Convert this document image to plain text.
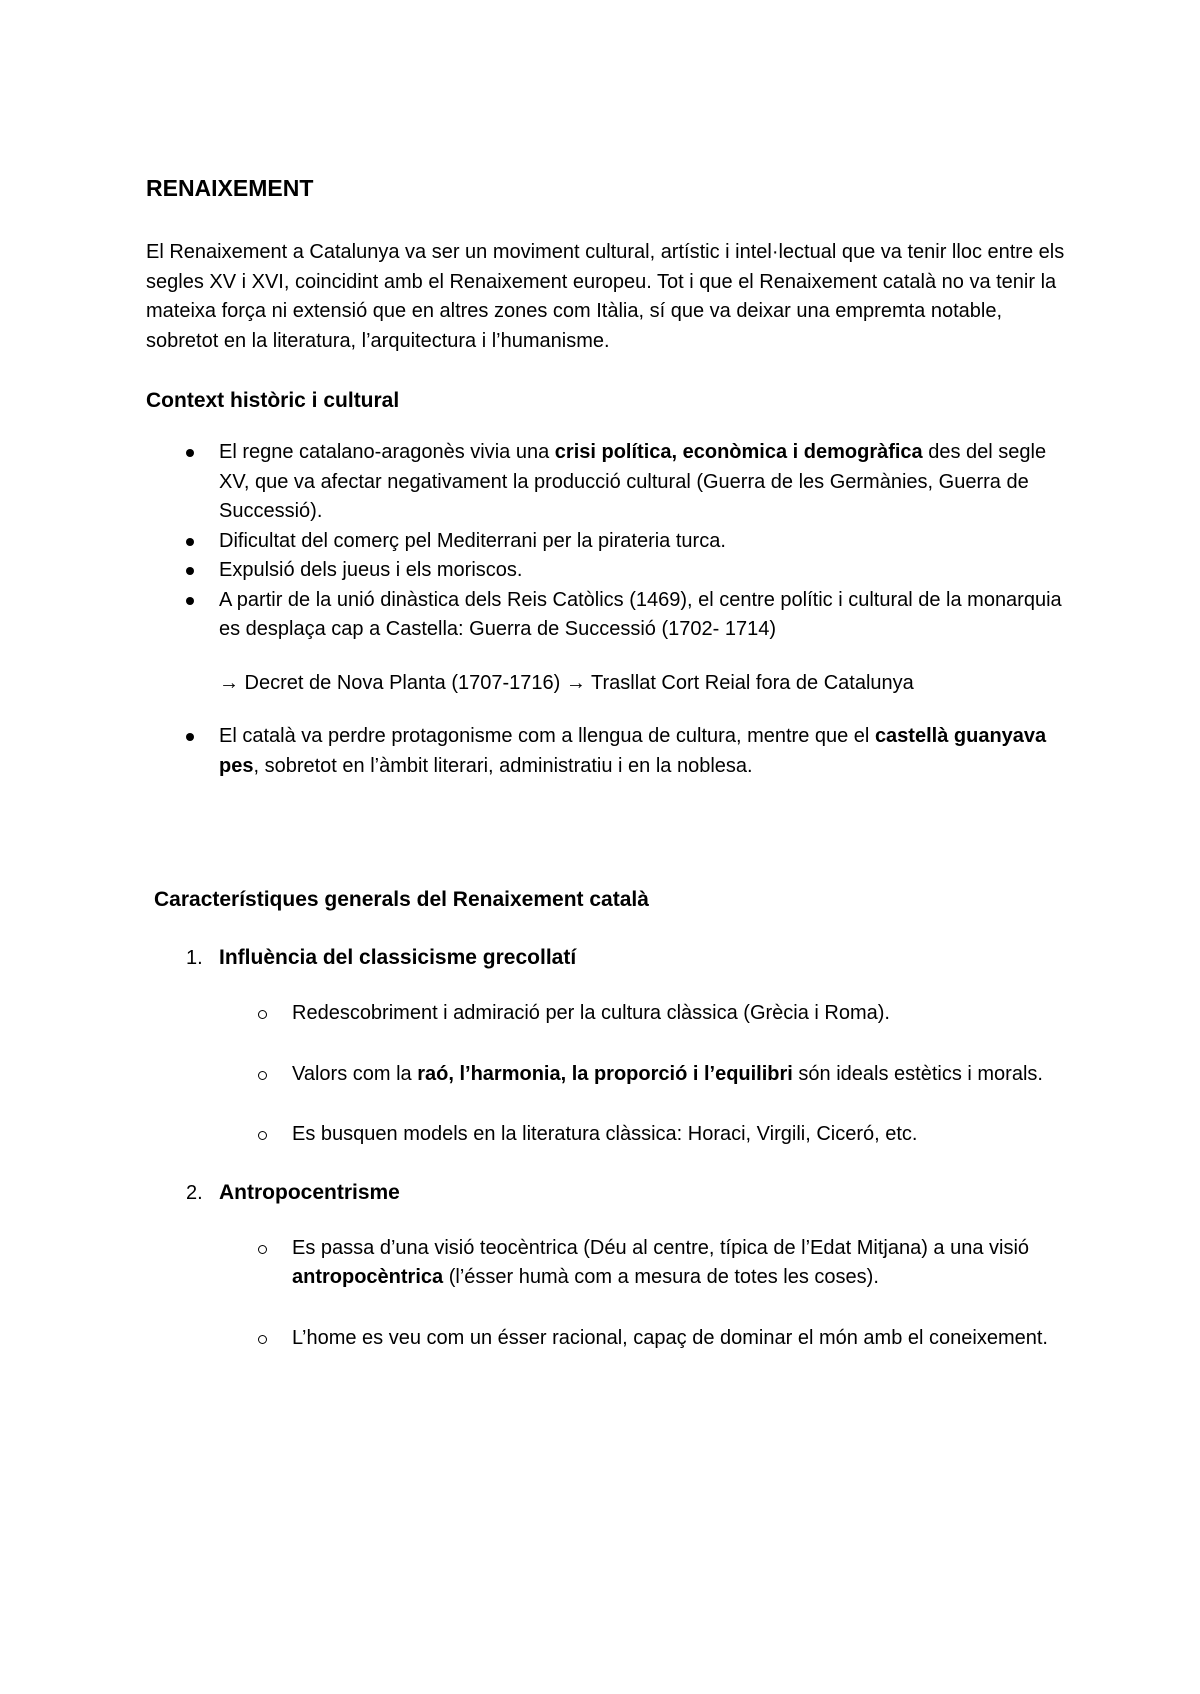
RENAIXEMENT

El Renaixement a Catalunya va ser un moviment cultural, artístic i intel·lectual que va tenir lloc entre els segles XV i XVI, coincidint amb el Renaixement europeu. Tot i que el Renaixement català no va tenir la mateixa força ni extensió que en altres zones com Itàlia, sí que va deixar una empremta notable, sobretot en la literatura, l’arquitectura i l’humanisme.

Context històric i cultural
El regne catalano-aragonès vivia una crisi política, econòmica i demogràfica des del segle XV, que va afectar negativament la producció cultural (Guerra de les Germànies, Guerra de Successió).
Dificultat del comerç pel Mediterrani per la pirateria turca.
Expulsió dels jueus i els moriscos.
A partir de la unió dinàstica dels Reis Catòlics (1469), el centre polític i cultural de la monarquia es desplaça cap a Castella: Guerra de Successió (1702- 1714)
→ Decret de Nova Planta (1707-1716) → Trasllat Cort Reial fora de Catalunya
El català va perdre protagonisme com a llengua de cultura, mentre que el castellà guanyava pes, sobretot en l’àmbit literari, administratiu i en la noblesa.
Característiques generals del Renaixement català
1. Influència del classicisme grecollatí
Redescobriment i admiració per la cultura clàssica (Grècia i Roma).
Valors com la raó, l’harmonia, la proporció i l’equilibri són ideals estètics i morals.
Es busquen models en la literatura clàssica: Horaci, Virgili, Ciceró, etc.
2. Antropocentrisme
Es passa d’una visió teocèntrica (Déu al centre, típica de l’Edat Mitjana) a una visió antropocèntrica (l’ésser humà com a mesura de totes les coses).
L’home es veu com un ésser racional, capaç de dominar el món amb el coneixement.
